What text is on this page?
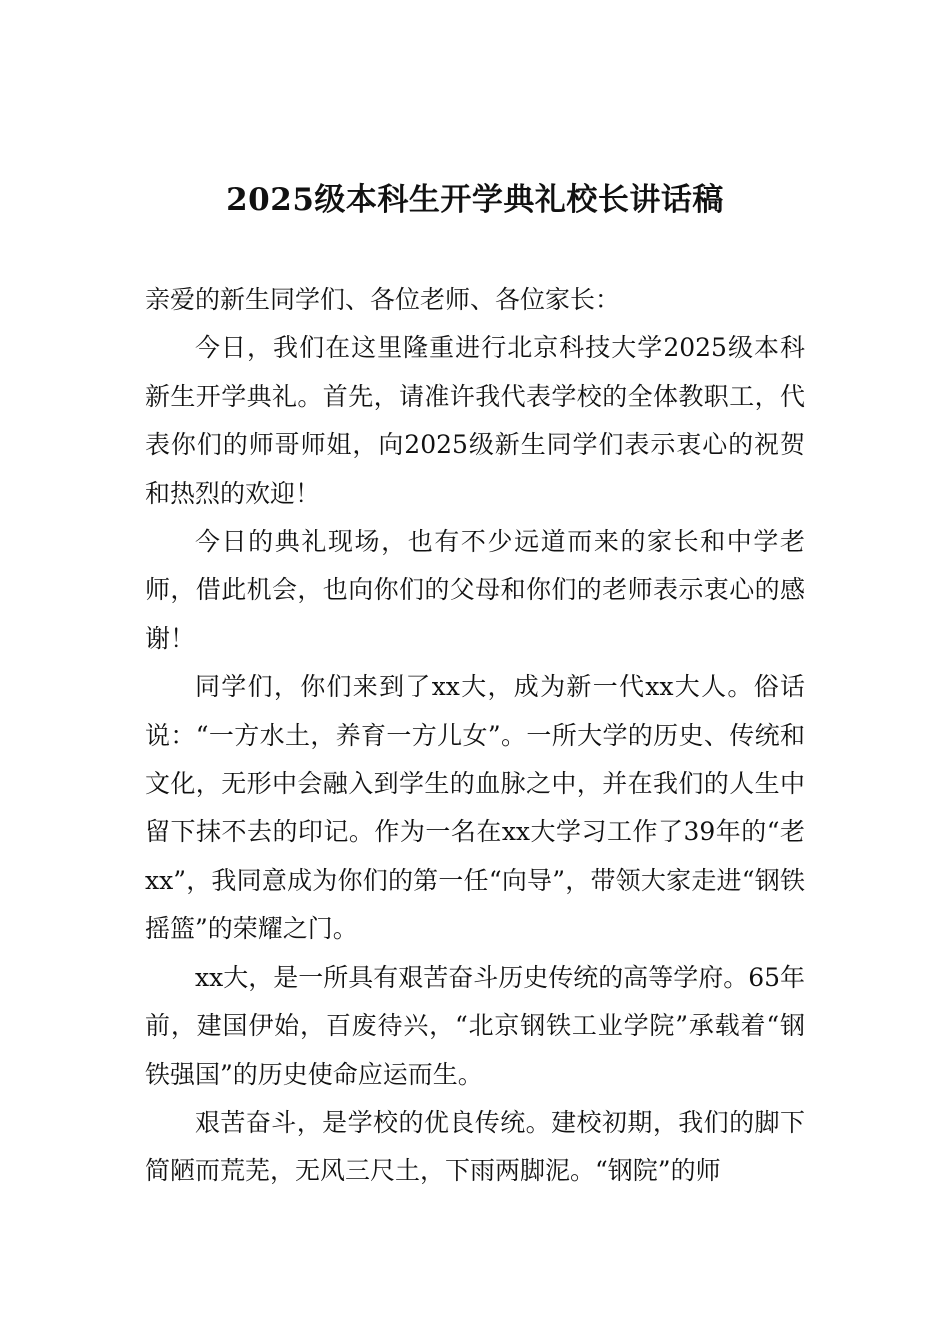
2025级本科生开学典礼校长讲话稿

亲爱的新生同学们、各位老师、各位家长：

今日，我们在这里隆重进行北京科技大学2025级本科新生开学典礼。首先，请准许我代表学校的全体教职工，代表你们的师哥师姐，向2025级新生同学们表示衷心的祝贺和热烈的欢迎！

今日的典礼现场，也有不少远道而来的家长和中学老师，借此机会，也向你们的父母和你们的老师表示衷心的感谢！

同学们，你们来到了xx大，成为新一代xx大人。俗话说：“一方水土，养育一方儿女”。一所大学的历史、传统和文化，无形中会融入到学生的血脉之中，并在我们的人生中留下抹不去的印记。作为一名在xx大学习工作了39年的“老xx”，我同意成为你们的第一任“向导”，带领大家走进“钢铁摇篮”的荣耀之门。

xx大，是一所具有艰苦奋斗历史传统的高等学府。65年前，建国伊始，百废待兴，“北京钢铁工业学院”承载着“钢铁强国”的历史使命应运而生。

艰苦奋斗，是学校的优良传统。建校初期，我们的脚下简陋而荒芜，无风三尺土，下雨两脚泥。“钢院”的师
